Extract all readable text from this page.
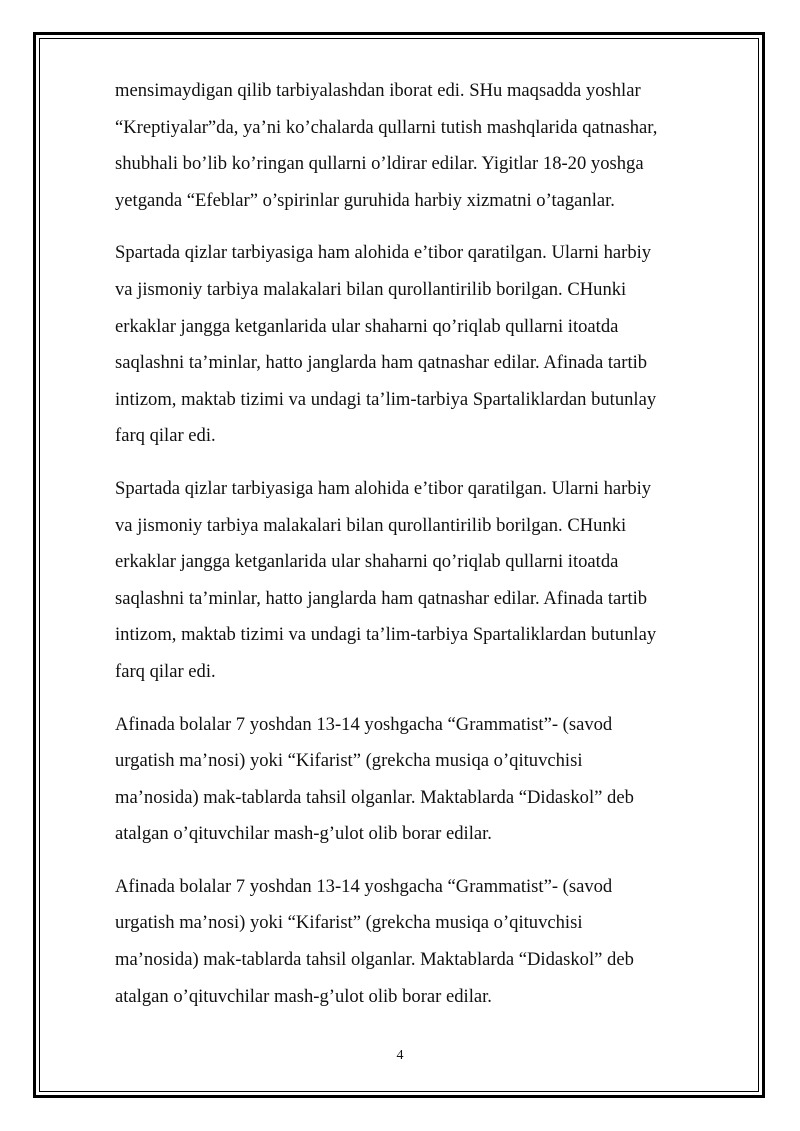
mensimaydigan qilib tarbiyalashdan iborat edi. SHu maqsadda yoshlar
“Kreptiyalar”da, ya’ni ko’chalarda qullarni tutish mashqlarida qatnashar,
shubhali bo’lib ko’ringan qullarni o’ldirar edilar. Yigitlar 18-20 yoshga
yetganda “Efeblar” o’spirinlar guruhida harbiy xizmatni o’taganlar.

Spartada qizlar tarbiyasiga ham alohida e’tibor qaratilgan. Ularni harbiy
va jismoniy tarbiya malakalari bilan qurollantirilib borilgan. CHunki
erkaklar jangga ketganlarida ular shaharni qo’riqlab qullarni itoatda
saqlashni ta’minlar, hatto janglarda ham qatnashar edilar. Afinada tartib
intizom, maktab tizimi va undagi ta’lim-tarbiya Spartaliklardan butunlay
farq qilar edi.

Spartada qizlar tarbiyasiga ham alohida e’tibor qaratilgan. Ularni harbiy
va jismoniy tarbiya malakalari bilan qurollantirilib borilgan. CHunki
erkaklar jangga ketganlarida ular shaharni qo’riqlab qullarni itoatda
saqlashni ta’minlar, hatto janglarda ham qatnashar edilar. Afinada tartib
intizom, maktab tizimi va undagi ta’lim-tarbiya Spartaliklardan butunlay
farq qilar edi.

Afinada bolalar 7 yoshdan 13-14 yoshgacha “Grammatist”- (savod
urgatish ma’nosi) yoki “Kifarist” (grekcha musiqa o’qituvchisi
ma’nosida) mak-tablarda tahsil olganlar. Maktablarda “Didaskol” deb
atalgan o’qituvchilar mash-g’ulot olib borar edilar.

Afinada bolalar 7 yoshdan 13-14 yoshgacha “Grammatist”- (savod
urgatish ma’nosi) yoki “Kifarist” (grekcha musiqa o’qituvchisi
ma’nosida) mak-tablarda tahsil olganlar. Maktablarda “Didaskol” deb
atalgan o’qituvchilar mash-g’ulot olib borar edilar.

4
